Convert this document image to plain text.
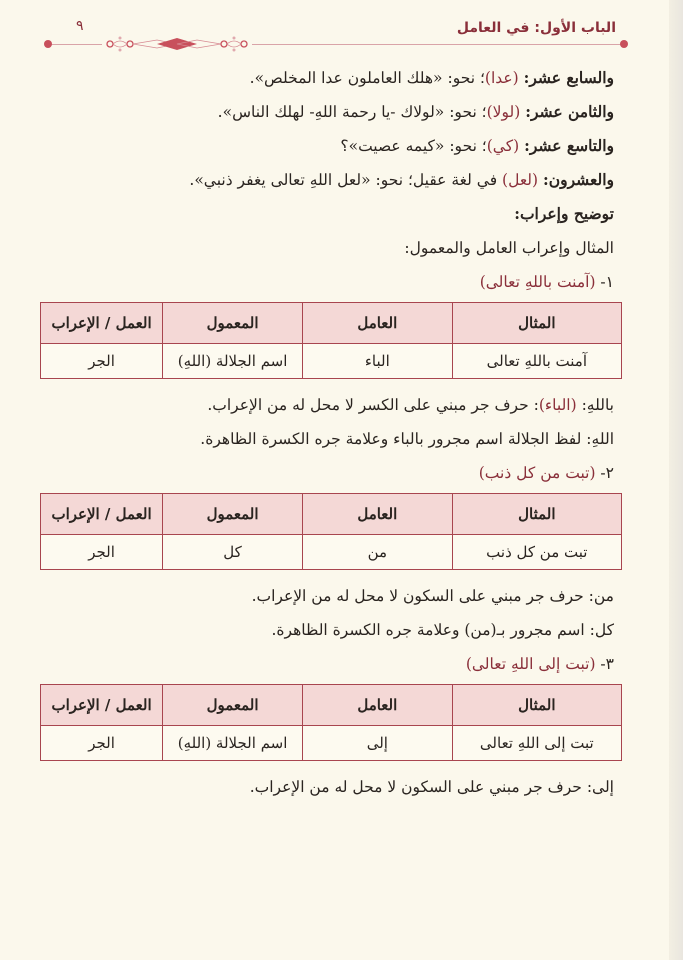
الباب الأول: في العامل
٩
والسابع عشر: (عدا)؛ نحو: «هلك العاملون عدا المخلص».
والثامن عشر: (لولا)؛ نحو: «لولاك -يا رحمة اللهِ- لهلك الناس».
والتاسع عشر: (كي)؛ نحو: «كيمه عصيت»؟
والعشرون: (لعل) في لغة عقيل؛ نحو: «لعل اللهِ تعالى يغفر ذنبي».
توضيح وإعراب:
المثال وإعراب العامل والمعمول:
١- (آمنت باللهِ تعالى)
المثال	العامل	المعمول	العمل / الإعراب
آمنت باللهِ تعالى	الباء	اسم الجلالة (اللهِ)	الجر
باللهِ: (الباء): حرف جر مبني على الكسر لا محل له من الإعراب.
اللهِ: لفظ الجلالة اسم مجرور بالباء وعلامة جره الكسرة الظاهرة.
٢- (تبت من كل ذنب)
المثال	العامل	المعمول	العمل / الإعراب
تبت من كل ذنب	من	كل	الجر
من: حرف جر مبني على السكون لا محل له من الإعراب.
كل: اسم مجرور بـ(من) وعلامة جره الكسرة الظاهرة.
٣- (تبت إلى اللهِ تعالى)
المثال	العامل	المعمول	العمل / الإعراب
تبت إلى اللهِ تعالى	إلى	اسم الجلالة (اللهِ)	الجر
إلى: حرف جر مبني على السكون لا محل له من الإعراب.
